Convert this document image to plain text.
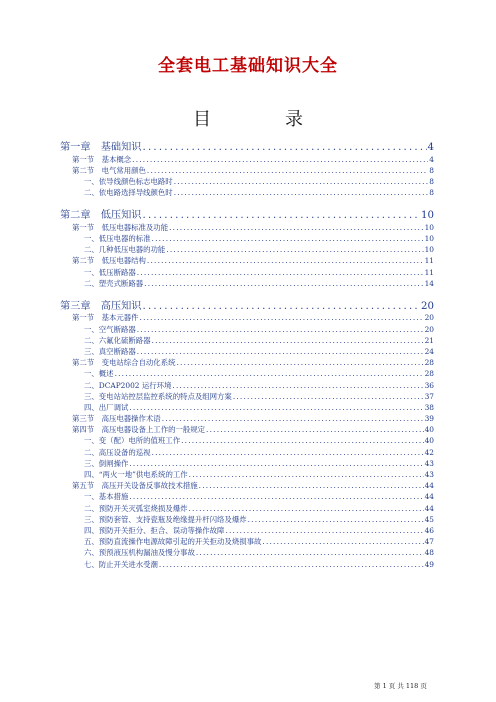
全套电工基础知识大全
目　录
第一章　基础知识 .....	4
第一节　基本概念 .....	4
第二节　电气常用颜色 .....	8
一、依导线颜色标志电路时 .....	8
二、依电路选择导线颜色时 .....	8
第二章　低压知识 .....	10
第一节　低压电器标准及功能 .....	10
一、低压电器的标准 .....	10
二、几种低压电器的功能 .....	10
第二节　低压电器结构 .....	11
一、低压断路器 .....	11
二、塑壳式断路器 .....	14
第三章　高压知识 .....	20
第一节　基本元器件 .....	20
一、空气断路器 .....	20
二、六氟化硫断路器 .....	21
三、真空断路器 .....	24
第二节　变电站综合自动化系统 .....	28
一、概述 .....	28
二、DCAP2002 运行环境 .....	36
三、变电站站控层监控系统的特点及组网方案 .....	37
四、出厂调试 .....	38
第三节　高压电器操作术语 .....	39
第四节　高压电器设备上工作的一般规定 .....	40
一、变（配）电所的值班工作 .....	40
二、高压设备的巡视 .....	42
三、倒闸操作 .....	43
四、“两火一地”供电系统的工作 .....	43
第五节　高压开关设备反事故技术措施 .....	44
一、基本措施 .....	44
二、预防开关灭弧室烧损及爆炸 .....	44
三、预防套管、支持瓷瓶及绝缘提升杆闪络及爆炸 .....	45
四、预防开关拒分、拒合、误动等操作故障 .....	46
五、预防直流操作电源故障引起的开关拒动及烧损事故 .....	47
六、预预液压机构漏油及慢分事故 .....	48
七、防止开关进水受潮 .....	49
第 1 页 共 118 页
